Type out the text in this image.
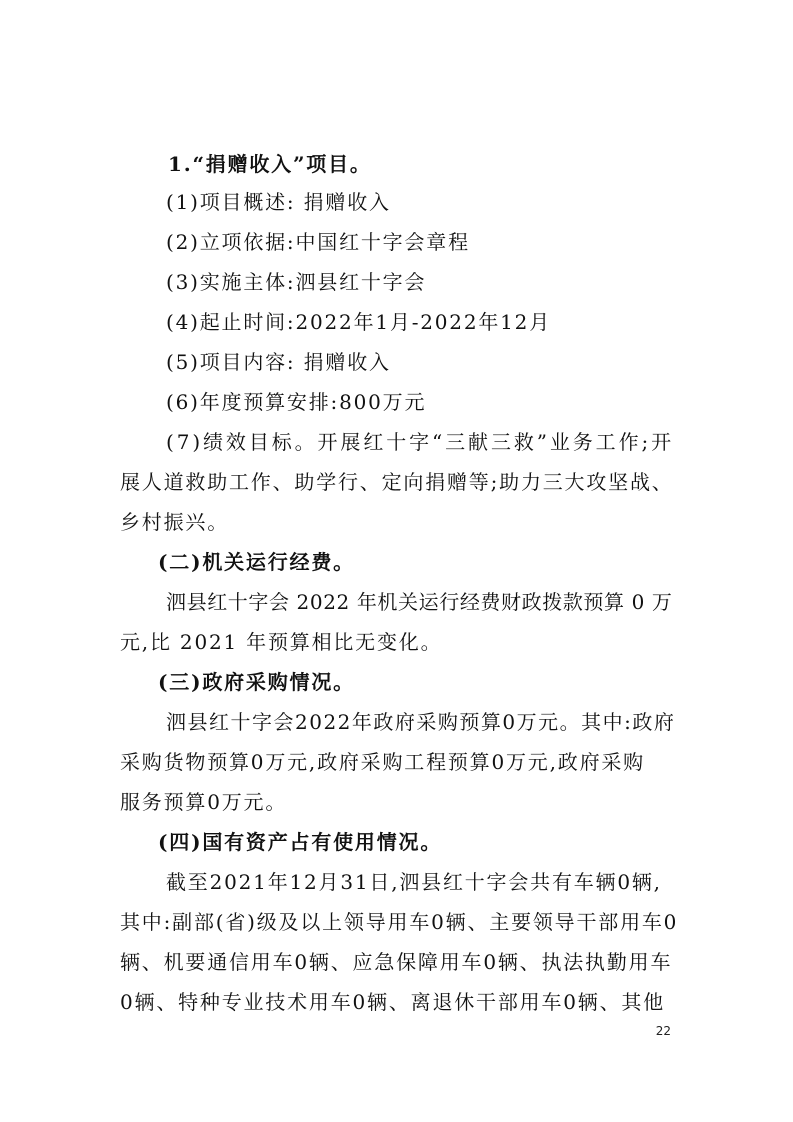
1.“捐赠收入”项目。

(1)项目概述: 捐赠收入

(2)立项依据:中国红十字会章程

(3)实施主体:泗县红十字会

(4)起止时间:2022年1月-2022年12月

(5)项目内容: 捐赠收入

(6)年度预算安排:800万元

(7)绩效目标。开展红十字“三献三救”业务工作;开

展人道救助工作、助学行、定向捐赠等;助力三大攻坚战、

乡村振兴。

(二)机关运行经费。

泗县红十字会 2022 年机关运行经费财政拨款预算 0 万

元,比 2021 年预算相比无变化。

(三)政府采购情况。

泗县红十字会2022年政府采购预算0万元。其中:政府

采购货物预算0万元,政府采购工程预算0万元,政府采购

服务预算0万元。

(四)国有资产占有使用情况。

截至2021年12月31日,泗县红十字会共有车辆0辆,

其中:副部(省)级及以上领导用车0辆、主要领导干部用车0

辆、机要通信用车0辆、应急保障用车0辆、执法执勤用车

0辆、特种专业技术用车0辆、离退休干部用车0辆、其他

22
